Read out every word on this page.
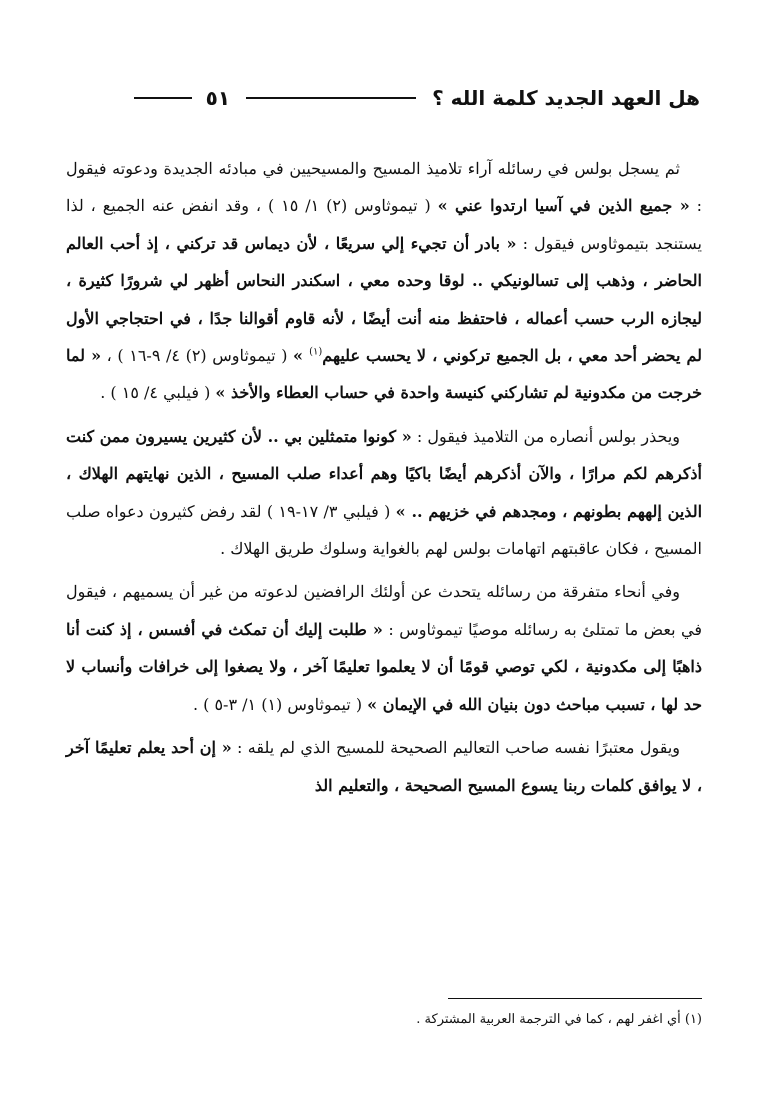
هل العهد الجديد كلمة الله ؟
٥١

ثم يسجل بولس في رسائله آراء تلاميذ المسيح والمسيحيين في مبادئه الجديدة ودعوته فيقول : « جميع الذين في آسيا ارتدوا عني » ( تيموثاوس (٢) ١/ ١٥ ) ، وقد انفض عنه الجميع ، لذا يستنجد بتيموثاوس فيقول : « بادر أن تجيء إلي سريعًا ، لأن ديماس قد تركني ، إذ أحب العالم الحاضر ، وذهب إلى تسالونيكي .. لوقا وحده معي ، اسكندر النحاس أظهر لي شرورًا كثيرة ، ليجازه الرب حسب أعماله ، فاحتفظ منه أنت أيضًا ، لأنه قاوم أقوالنا جدًا ، في احتجاجي الأول لم يحضر أحد معي ، بل الجميع تركوني ، لا يحسب عليهم$^{(١)}$ » ( تيموثاوس (٢) ٤/ ٩-١٦ ) ، « لما خرجت من مكدونية لم تشاركني كنيسة واحدة في حساب العطاء والأخذ » ( فيلبي ٤/ ١٥ ) .

ويحذر بولس أنصاره من التلاميذ فيقول : « كونوا متمثلين بي .. لأن كثيرين يسيرون ممن كنت أذكرهم لكم مرارًا ، والآن أذكرهم أيضًا باكيًا وهم أعداء صلب المسيح ، الذين نهايتهم الهلاك ، الذين إلههم بطونهم ، ومجدهم في خزيهم .. » ( فيلبي ٣/ ١٧-١٩ ) لقد رفض كثيرون دعواه صلب المسيح ، فكان عاقبتهم اتهامات بولس لهم بالغواية وسلوك طريق الهلاك .

وفي أنحاء متفرقة من رسائله يتحدث عن أولئك الرافضين لدعوته من غير أن يسميهم ، فيقول في بعض ما تمتلئ به رسائله موصيًا تيموثاوس : « طلبت إليك أن تمكث في أفسس ، إذ كنت أنا ذاهبًا إلى مكدونية ، لكي توصي قومًا أن لا يعلموا تعليمًا آخر ، ولا يصغوا إلى خرافات وأنساب لا حد لها ، تسبب مباحث دون بنيان الله في الإيمان » ( تيموثاوس (١) ١/ ٣-٥ ) .

ويقول معتبرًا نفسه صاحب التعاليم الصحيحة للمسيح الذي لم يلقه : « إن أحد يعلم تعليمًا آخر ، لا يوافق كلمات ربنا يسوع المسيح الصحيحة ، والتعليم الذ

(١) أي اغفر لهم ، كما في الترجمة العربية المشتركة .
